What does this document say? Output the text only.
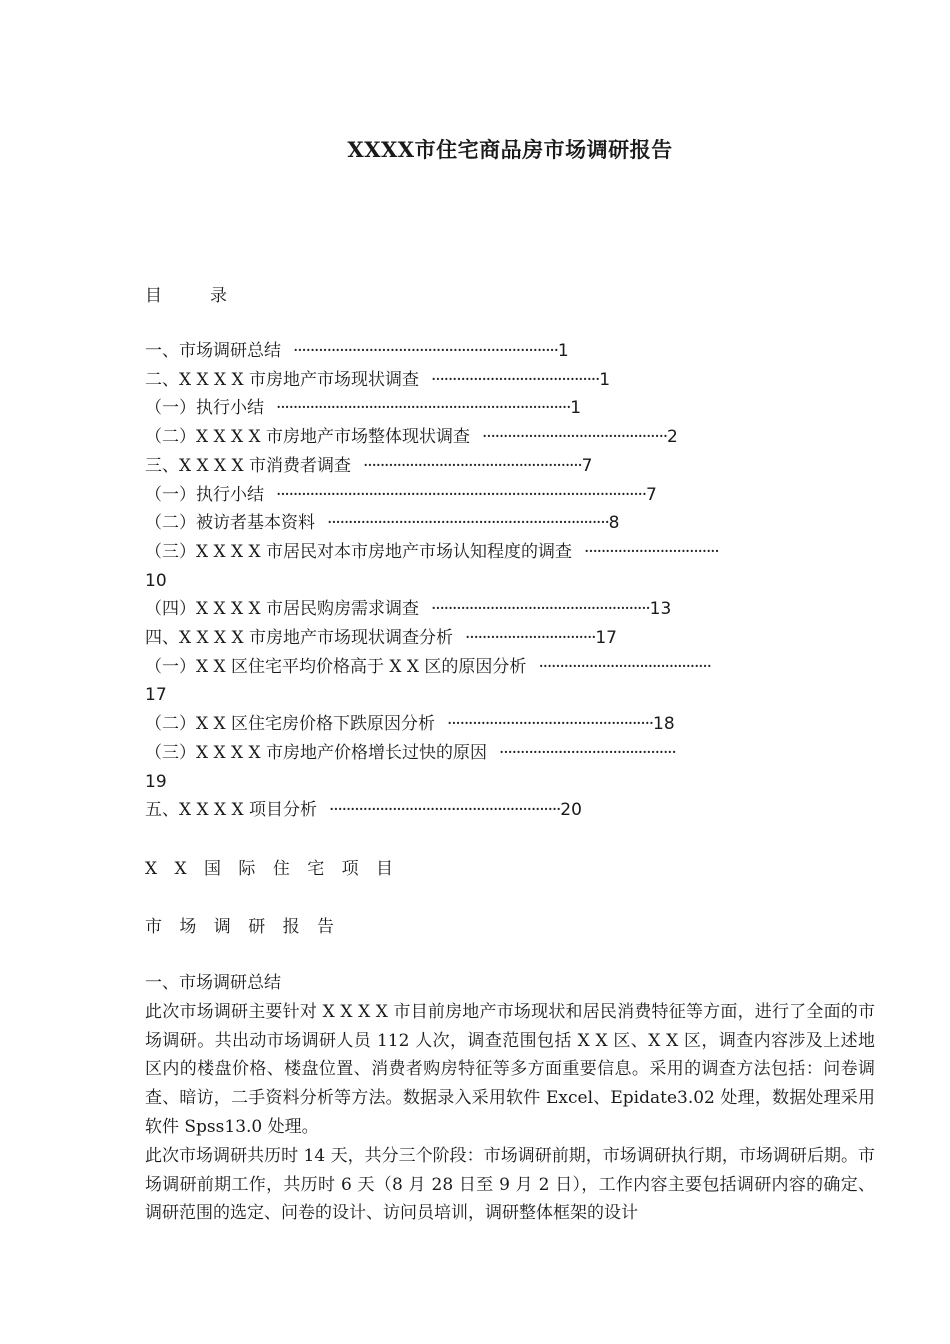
XXXX市住宅商品房市场调研报告
目	录
一、市场调研总结 ·······························································1
二、X X X X 市房地产市场现状调查 ········································1
（一）执行小结 ······································································1
（二）X X X X 市房地产市场整体现状调查 ············································2
三、X X X X 市消费者调查 ····················································7
（一）执行小结 ························································································7
（二）被访者基本资料 ···································································8
（三）X X X X 市居民对本市房地产市场认知程度的调查 ································
10
（四）X X X X 市居民购房需求调查 ····················································13
四、X X X X 市房地产市场现状调查分析 ·······························17
（一）X X 区住宅平均价格高于 X X 区的原因分析 ·········································
17
（二）X X 区住宅房价格下跌原因分析 ·················································18
（三）X X X X 市房地产价格增长过快的原因 ··········································
19
五、X X X X 项目分析 ·······················································20
X X 国 际 住 宅 项 目
市 场 调 研 报 告

一、市场调研总结

此次市场调研主要针对 X X X X 市目前房地产市场现状和居民消费特征等方面，进行了全面的市场调研。共出动市场调研人员 112 人次，调查范围包括 X X 区、X X 区，调查内容涉及上述地区内的楼盘价格、楼盘位置、消费者购房特征等多方面重要信息。采用的调查方法包括：问卷调查、暗访，二手资料分析等方法。数据录入采用软件 Excel、Epidate3.02 处理，数据处理采用软件 Spss13.0 处理。

此次市场调研共历时 14 天，共分三个阶段：市场调研前期，市场调研执行期，市场调研后期。市场调研前期工作，共历时 6 天（8 月 28 日至 9 月 2 日），工作内容主要包括调研内容的确定、调研范围的选定、问卷的设计、访问员培训，调研整体框架的设计
